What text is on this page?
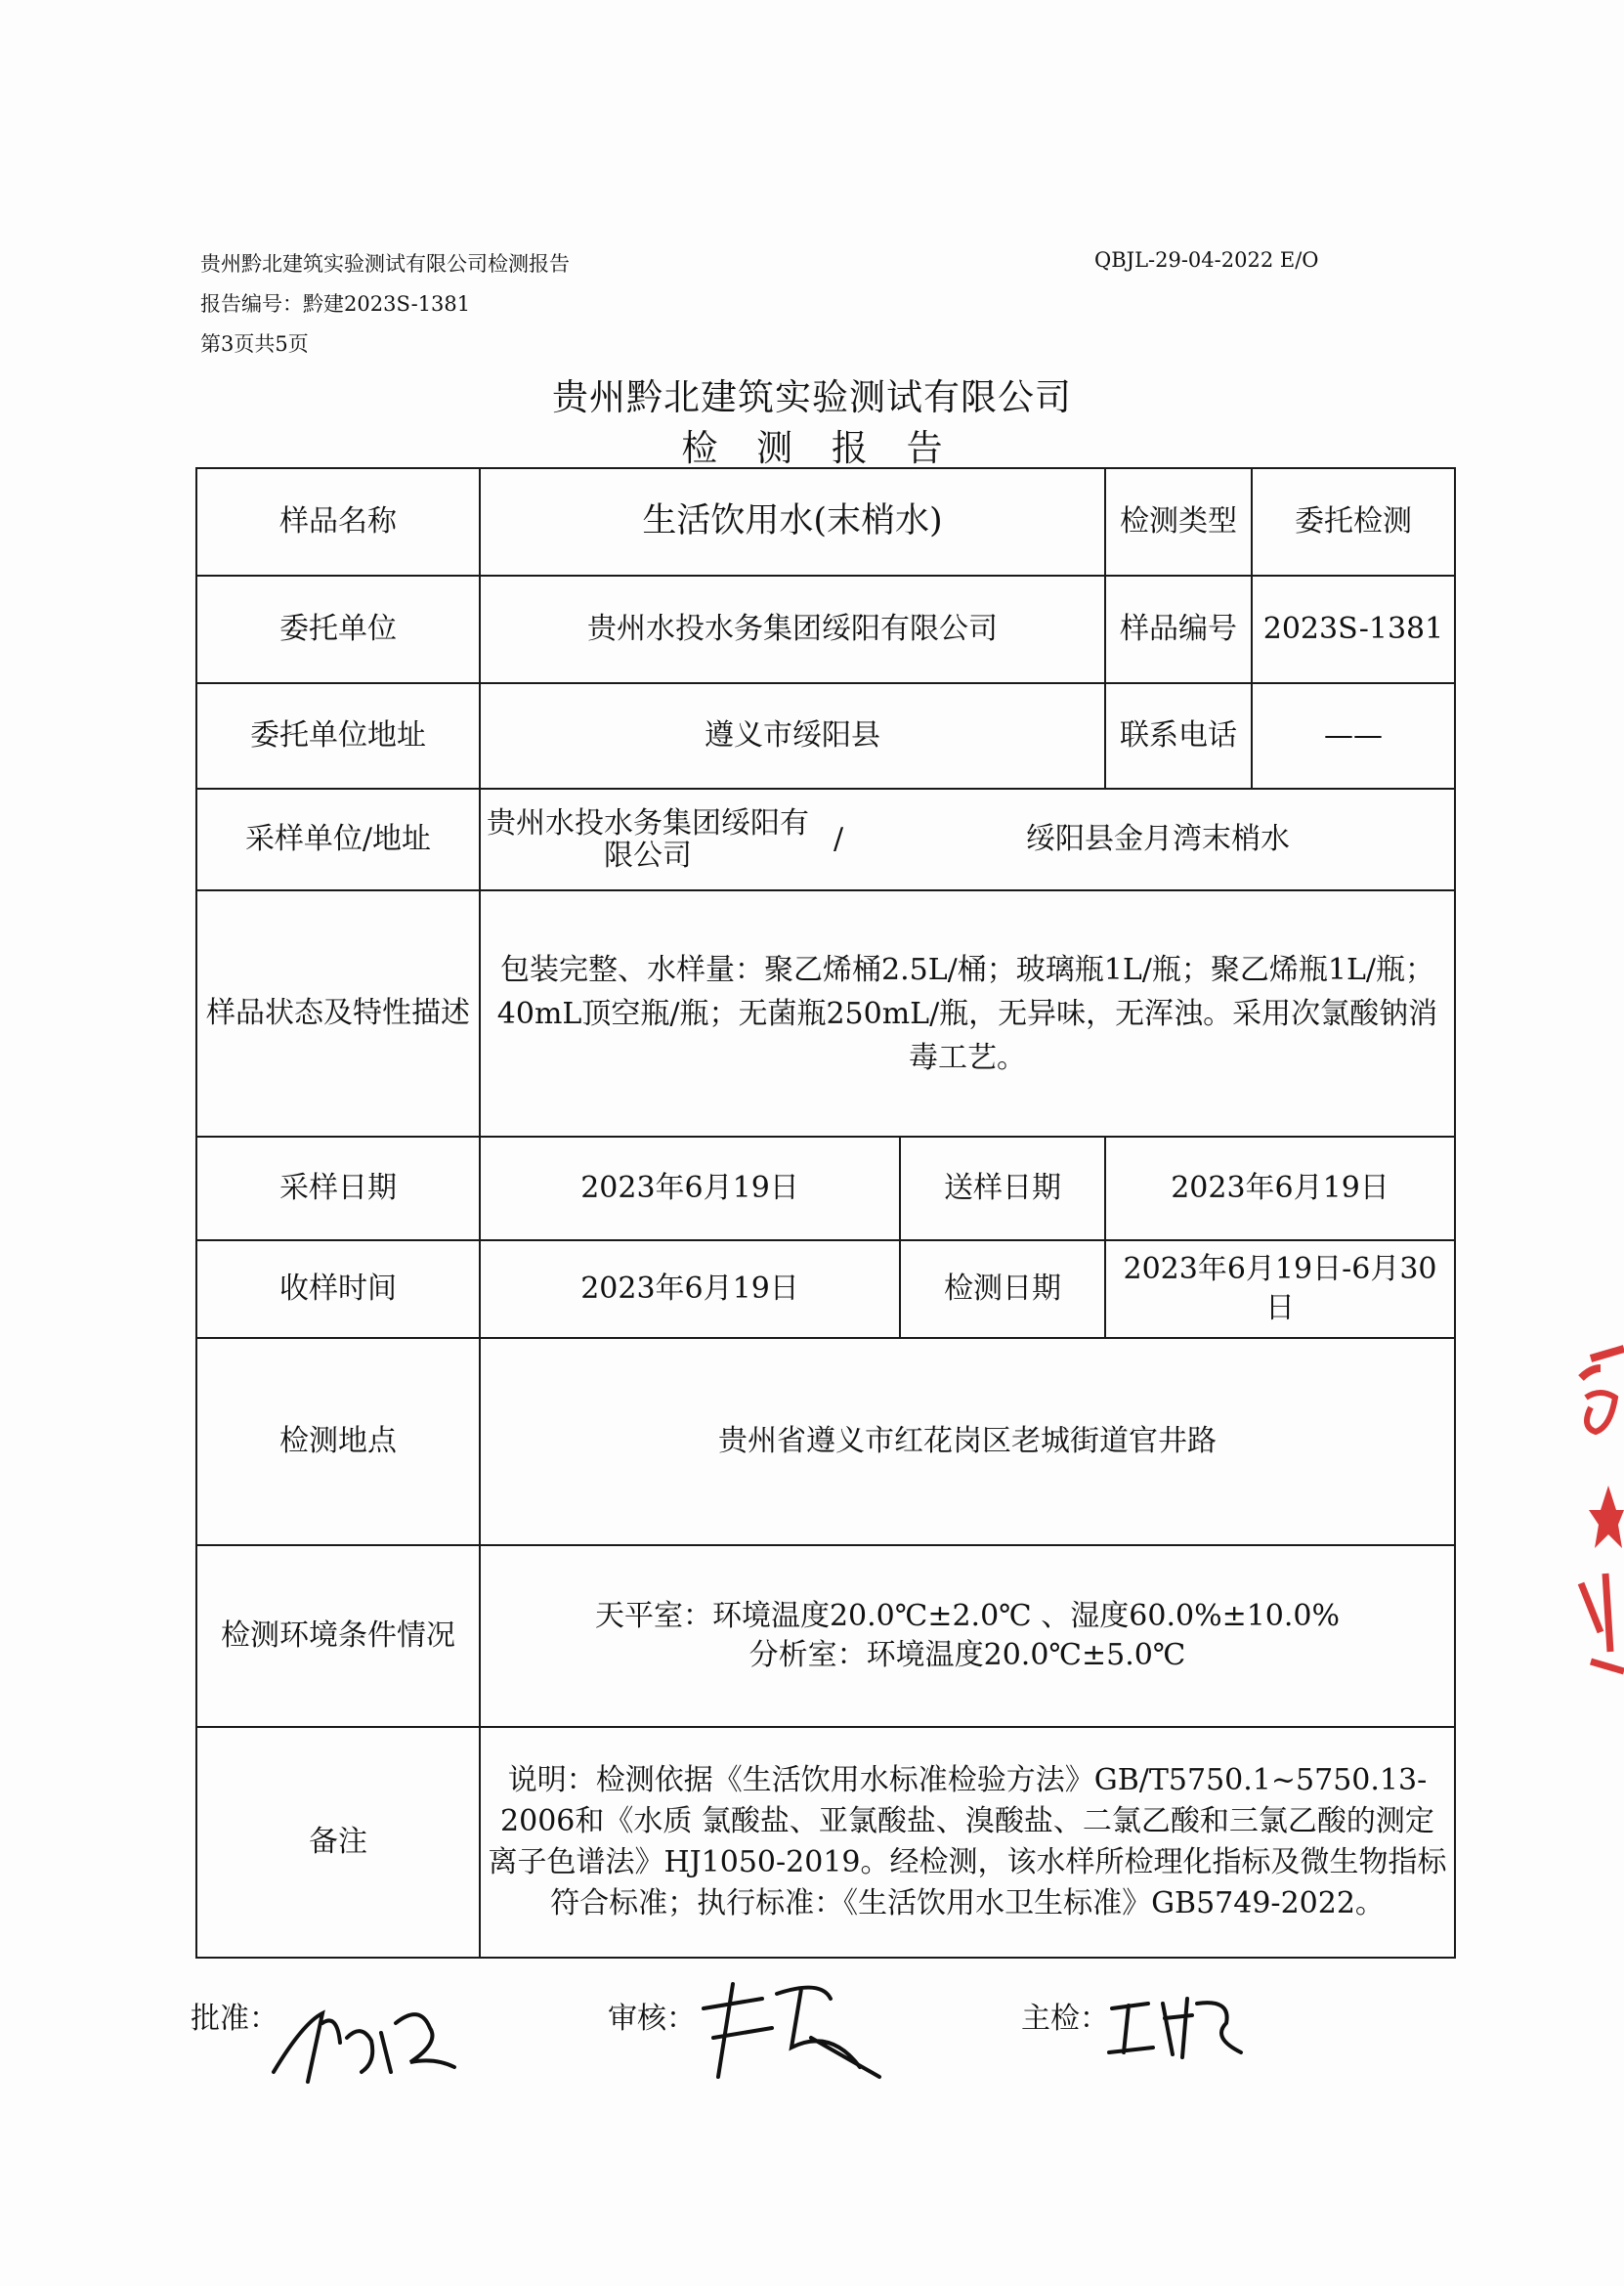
贵州黔北建筑实验测试有限公司检测报告	QBJL-29-04-2022 E/O
报告编号：黔建2023S-1381
第3页共5页
贵州黔北建筑实验测试有限公司
检 测 报 告
样品名称	生活饮用水(末梢水)		检测类型	委托检测
委托单位	贵州水投水务集团绥阳有限公司		样品编号	2023S-1381
委托单位地址	遵义市绥阳县		联系电话	——
采样单位/地址	贵州水投水务集团绥阳有限公司 / 绥阳县金月湾末梢水			

样品状态及特性描述	包装完整、水样量：聚乙烯桶2.5L/桶；玻璃瓶1L/瓶；聚乙烯瓶1L/瓶；40mL顶空瓶/瓶；无菌瓶250mL/瓶，无异味，无浑浊。采用次氯酸钠消毒工艺。			
采样日期	2023年6月19日	送样日期	2023年6月19日	
收样时间	2023年6月19日	检测日期	2023年6月19日-6月30日	
检测地点	贵州省遵义市红花岗区老城街道官井路			
检测环境条件情况	天平室：环境温度20.0℃±2.0℃ 、湿度60.0%±10.0%
分析室：环境温度20.0℃±5.0℃			

备注	说明：检测依据《生活饮用水标准检验方法》GB/T5750.1~5750.13-2006和《水质 氯酸盐、亚氯酸盐、溴酸盐、二氯乙酸和三氯乙酸的测定 离子色谱法》HJ1050-2019。经检测，该水样所检理化指标及微生物指标符合标准；执行标准：《生活饮用水卫生标准》GB5749-2022。			
批准：	审核：	主检：
